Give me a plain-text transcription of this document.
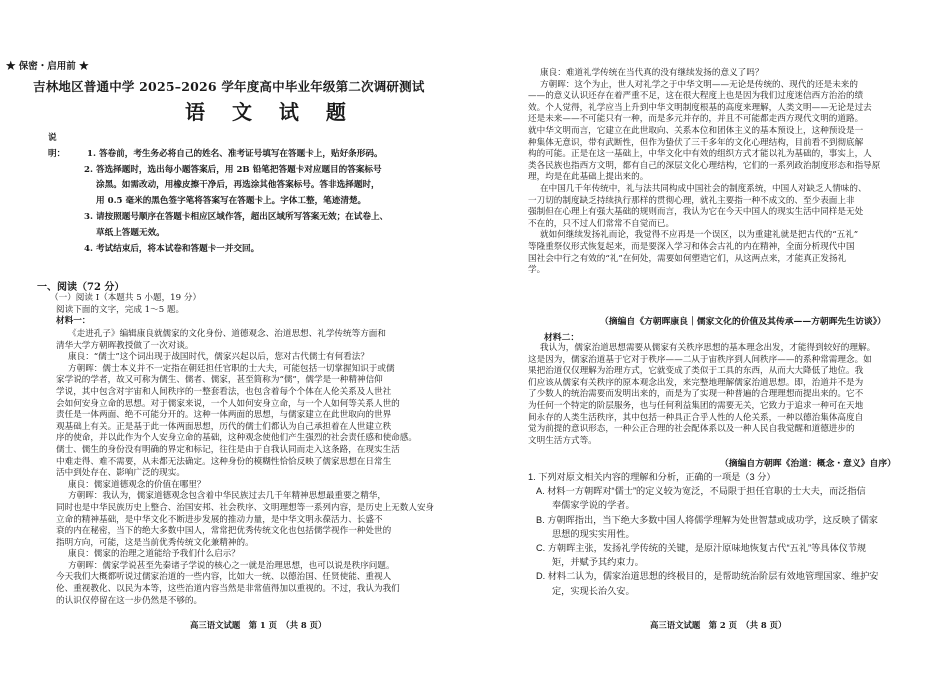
★ 保密・启用前 ★
吉林地区普通中学 2025–2026 学年度高中毕业年级第二次调研测试
语 文 试 题
说明：	1. 答卷前，考生务必将自己的姓名、准考证号填写在答题卡上，贴好条形码。
2. 答选择题时，选出每小题答案后，用 2B 铅笔把答题卡对应题目的答案标号
涂黑。如需改动，用橡皮擦干净后，再选涂其他答案标号。答非选择题时，
用 0.5 毫米的黑色签字笔将答案写在答题卡上。字体工整，笔迹清楚。
3. 请按照题号顺序在答题卡相应区域作答，超出区域所写答案无效；在试卷上、
草纸上答题无效。
4. 考试结束后，将本试卷和答题卡一并交回。
一、阅读（72 分）

（一）阅读 Ⅰ（本题共 5 小题，19 分）

阅读下面的文字，完成 1～5 题。

材料一：

《走进孔子》编辑康良就儒家的文化身份、道德观念、治道思想、礼学传统等方面和

清华大学方朝晖教授做了一次对谈。

康良：“儒士”这个词出现于战国时代，儒家兴起以后，您对古代儒士有何看法？

方朝晖：儒士本义并不一定指在朝廷担任官职的士大夫，可能包括一切掌握知识于或儒

家学说的学者，故又可称为儒生、儒者、儒家，甚至简称为“儒”，儒学是一种精神信仰

学说，其中包含对宇宙和人间秩序的一整套看法，也包含着每个个体在人伦关系及人世社

会如何安身立命的思想。对于儒家来说，一个人如何安身立命，与一个人如何等关系人世的

责任是一体两面、绝不可能分开的。这种一体两面的思想，与儒家建立在此世取向的世界

观基础上有关。正是基于此一体两面思想，历代的儒士们都认为自己承担着在人世建立秩

序的使命，并以此作为个人安身立命的基础，这种观念使他们产生强烈的社会责任感和使命感。

儒士、儒生的身份没有明确的界定和标记，往往是由于自我认同而走入这条路，在现实生活

中难走得、难不需要，从未都无法确定。这种身份的模糊性恰恰反映了儒家思想在日常生

活中到处存在、影响广泛的现实。

康良：儒家道德观念的价值在哪里？

方朝晖：我认为，儒家道德观念包含着中华民族过去几千年精神思想最重要之精华，

同时也是中华民族历史上整合、治国安邦、社会秩序、文明理想等一系列内容，是历史上无数人安身

立命的精神基础，是中华文化不断进步发展的推动力量，是中华文明永葆活力、长盛不

衰的内在秘密，当下的绝大多数中国人，常常把优秀传统文化也包括儒学视作一种处世的

指明方向，可能，这是当前优秀传统文化兼精神的。

康良：儒家的治理之道能给予我们什么启示？

方朝晖：儒家学说甚至先秦诸子学说的核心之一就是治理思想，也可以说是秩序问题。

今天我们大概都听说过儒家治道的一些内容，比如大一统、以德治国、任贤使能、重视人

伦、重视教化、以民为本等，这些治道内容当然是非常值得加以重视的。不过，我认为我们

的认识仅停留在这一步仍然是不够的。

高三语文试题　第 1 页　（共 8 页）

康良：难道礼学传统在当代真的没有继续发扬的意义了吗？

方朝晖：这个为止，世人对礼学之于中华文明——无论是传统的、现代的还是未来的

——的意义认识还存在着严重不足，这在很大程度上也是因为我们过度迷信西方治治的绩

效。个人觉得，礼学应当上升到中华文明制度根基的高度来理解，人类文明——无论是过去

还是未来——不可能只有一种，而是多元并存的，并且不可能都走西方现代文明的道路。

就中华文明而言，它建立在此世取向、关系本位和团体主义的基本预设上，这种预设是一

种集体无意识，带有武断性，但作为蛰伏了三千多年的文化心理结构，目前看不到彻底解

构的可能。正是在这一基础上，中华文化中有效的组织方式才能以礼为基础的，事实上，人

类各民族也指西方文明，都有自己的深层文化心理结构，它们的一系列政治制度形态和指导原

理，均是在此基础上提出来的。

在中国几千年传统中，礼与法共同构成中国社会的制度系统，中国人对缺乏人情味的、

一刀切的制度缺乏持续执行那样的贯彻心理，就礼主要指一种不成文的、至少表面上非

强制但在心理上有强大基础的规则而言，我认为它在今天中国人的现实生活中同样是无处

不在的，只不过人们常常不自觉而已。

就如何继续发扬礼而论，我觉得不应再是一个误区，以为重建礼就是把古代的“五礼”

等隆重祭仪形式恢复起来，而是要深入学习和体会古礼的内在精神，全面分析现代中国

国社会中行之有效的“礼”在何处，需要如何塑造它们，从这两点来，才能真正发扬礼

学。

（摘编自《方朝晖康良｜儒家文化的价值及其传承——方朝晖先生访谈》）
材料二：

我认为，儒家治道思想需要从儒家有关秩序思想的基本理念出发，才能得到较好的理解。

这是因为，儒家治道基于它对于秩序——二从于宙秩序到人间秩序——的系种常需理念。如

果把治道仅仅理解为治理方式，它就变成了类似于工具的东西，从而大大降低了地位。我

们应该从儒家有关秩序的原本观念出发，来完整地理解儒家治道思想。即，治道并不是为

了少数人的统治需要而发明出来的，而是为了实现一种普遍的合理理想而提出来的。它不

为任何一个特定的阶层服务，也与任何利益集团的需要无关，它致力于追求一种可在天地

间永存的人类生活秩序，其中包括一种具正合乎人性的人伦关系，一种以德治集体高度自

觉为前提的意识形态，一种公正合理的社会配体系以及一种人民自我觉醒和道德进步的

文明生活方式等。

（摘编自方朝晖《治道：概念・意义》自序）
1. 下列对原文相关内容的理解和分析，正确的一项是（3 分）
A. 材料一方朝晖对“儒士”的定义较为宽泛，不局限于担任官职的士大夫，而泛指信
奉儒家学说的学者。
B. 方朝晖指出，当下绝大多数中国人将儒学理解为处世智慧或成功学，这反映了儒家
思想的现实实用性。
C. 方朝晖主张，发扬礼学传统的关键，是原汁原味地恢复古代“五礼”等具体仪节规
矩，并赋予其约束力。
D. 材料二认为，儒家治道思想的终极目的，是帮助统治阶层有效地管理国家、维护安
定，实现长治久安。
高三语文试题　第 2 页　（共 8 页）
